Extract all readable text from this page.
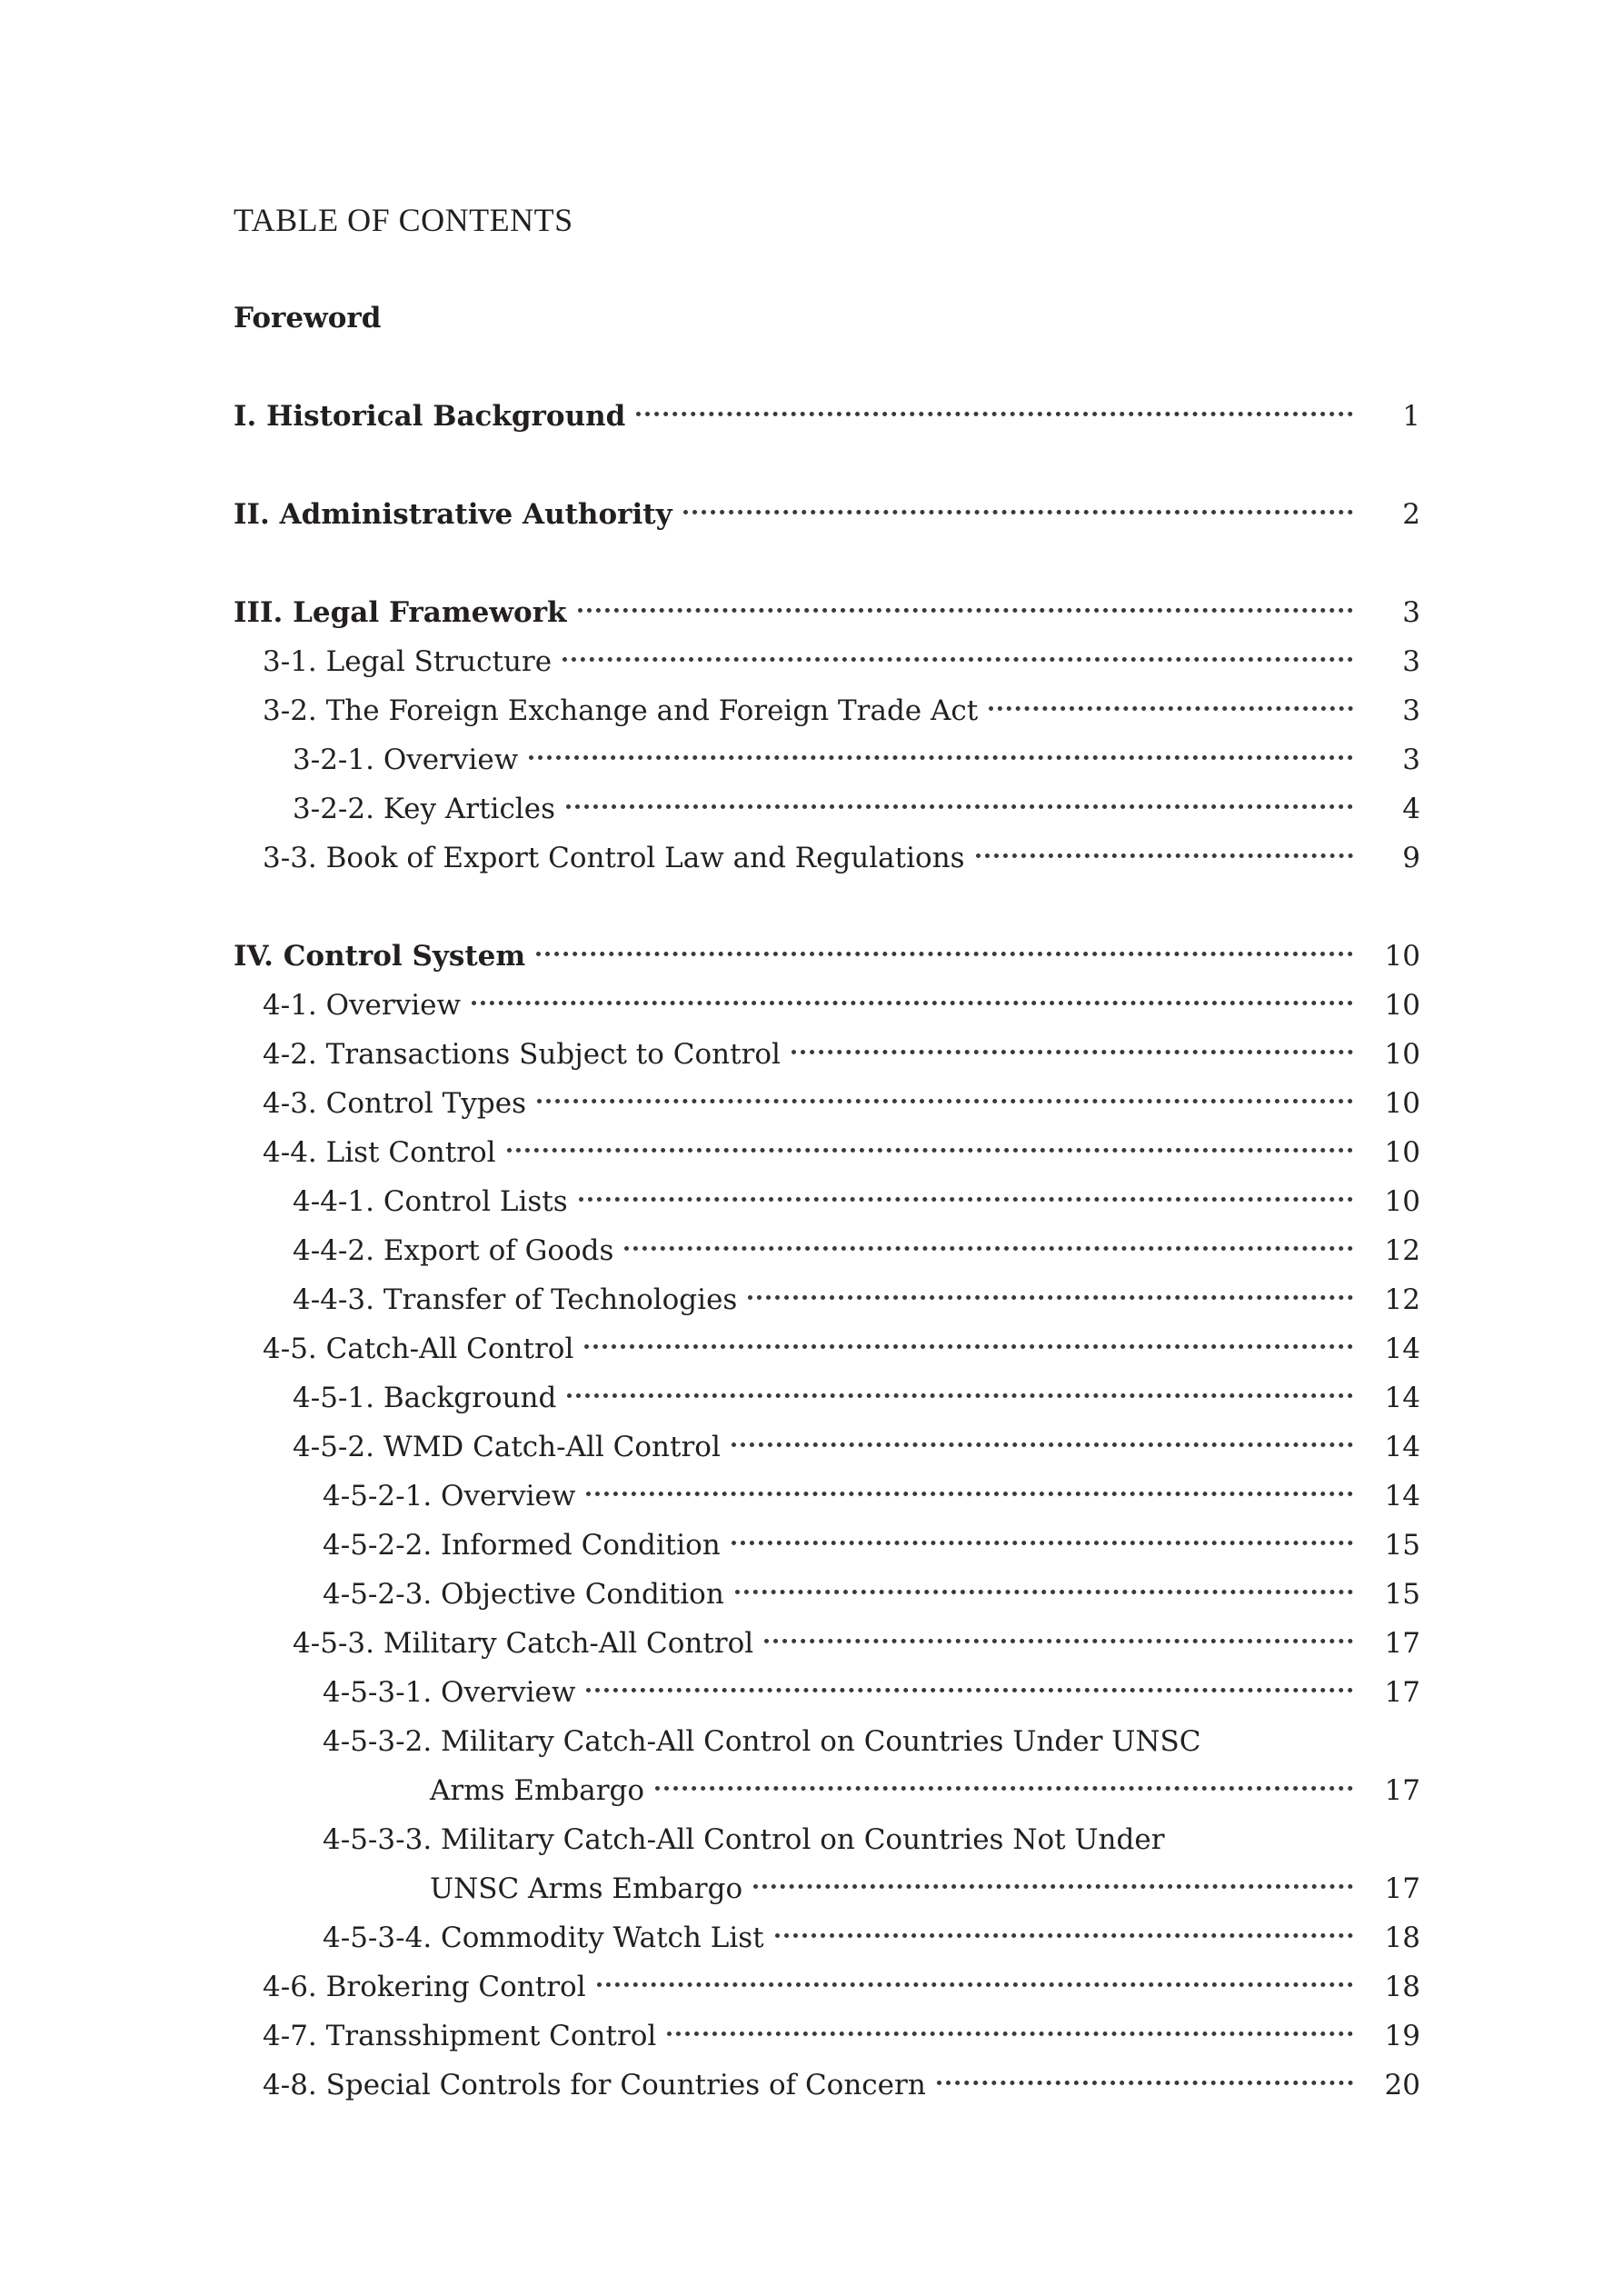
TABLE OF CONTENTS
Foreword
I. Historical Background	1
II. Administrative Authority	2
III. Legal Framework	3
3-1. Legal Structure	3
3-2. The Foreign Exchange and Foreign Trade Act	3
3-2-1. Overview	3
3-2-2. Key Articles	4
3-3. Book of Export Control Law and Regulations	9
IV. Control System	10
4-1. Overview	10
4-2. Transactions Subject to Control	10
4-3. Control Types	10
4-4. List Control	10
4-4-1. Control Lists	10
4-4-2. Export of Goods	12
4-4-3. Transfer of Technologies	12
4-5. Catch-All Control	14
4-5-1. Background	14
4-5-2. WMD Catch-All Control	14
4-5-2-1. Overview	14
4-5-2-2. Informed Condition	15
4-5-2-3. Objective Condition	15
4-5-3. Military Catch-All Control	17
4-5-3-1. Overview	17
4-5-3-2. Military Catch-All Control on Countries Under UNSC
Arms Embargo	17
4-5-3-3. Military Catch-All Control on Countries Not Under
UNSC Arms Embargo	17
4-5-3-4. Commodity Watch List	18
4-6. Brokering Control	18
4-7. Transshipment Control	19
4-8. Special Controls for Countries of Concern	20
